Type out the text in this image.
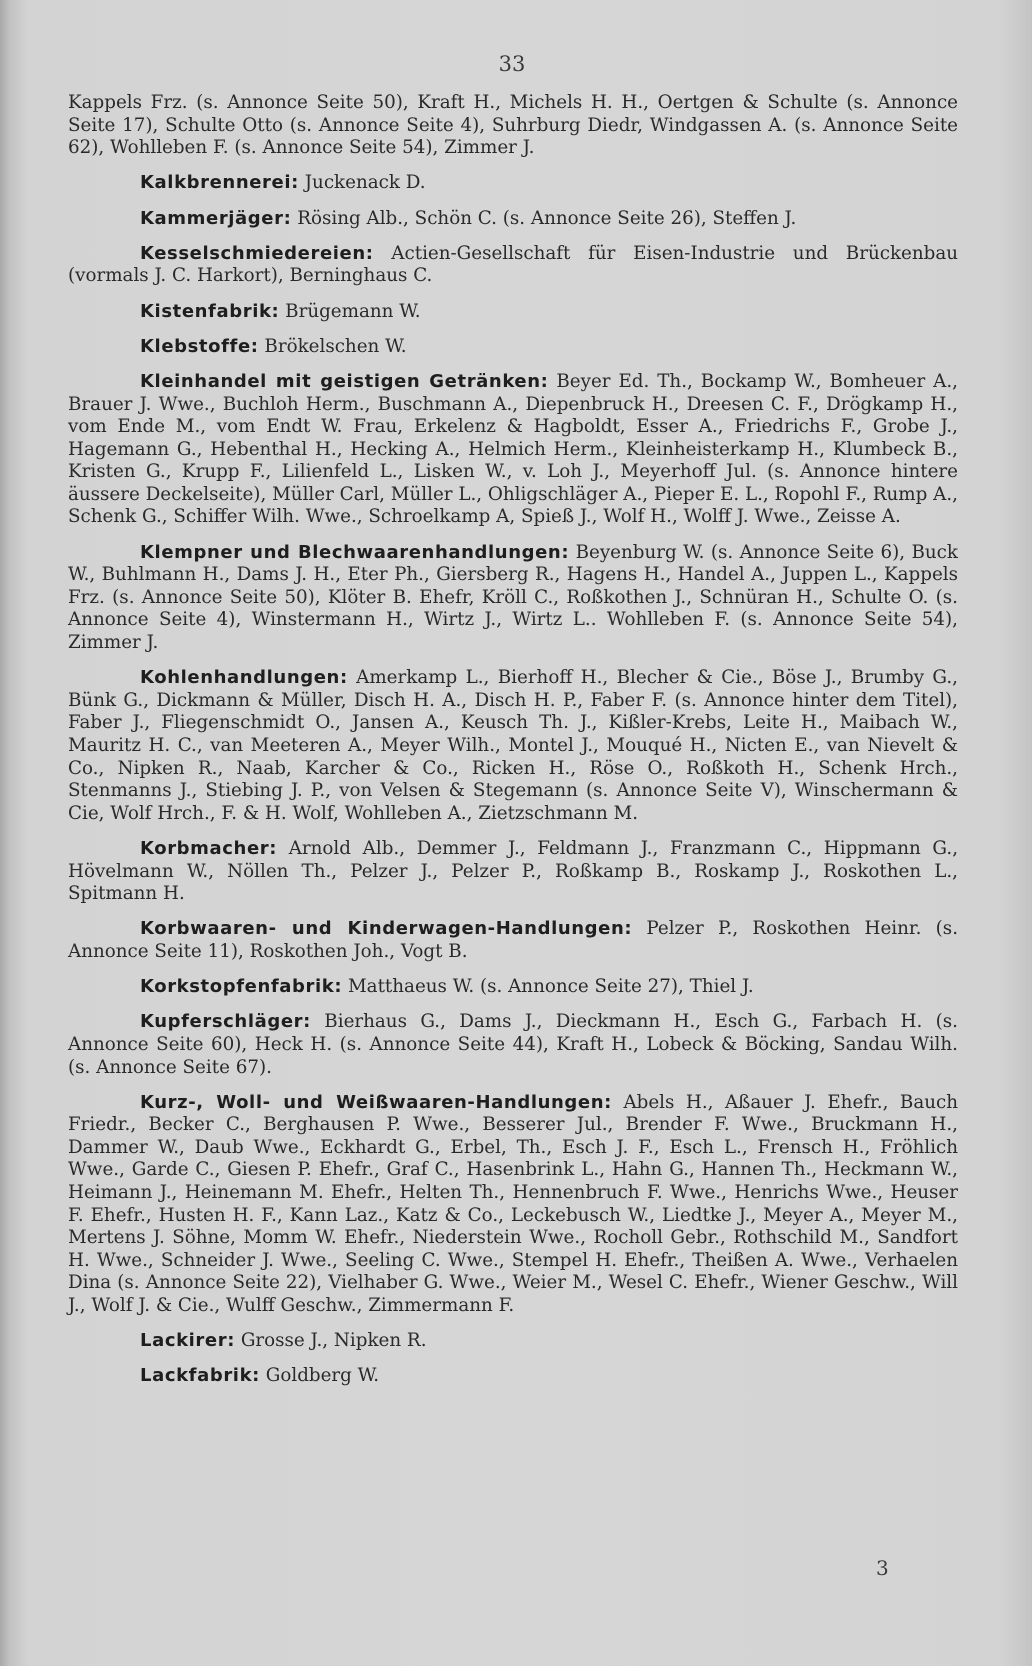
33

Kappels Frz. (s. Annonce Seite 50), Kraft H., Michels H. H., Oertgen & Schulte (s. Annonce Seite 17), Schulte Otto (s. Annonce Seite 4), Suhrburg Diedr, Windgassen A. (s. Annonce Seite 62), Wohlleben F. (s. Annonce Seite 54), Zimmer J.

Kalkbrennerei: Juckenack D.

Kammerjäger: Rösing Alb., Schön C. (s. Annonce Seite 26), Steffen J.

Kesselschmiedereien: Actien-Gesellschaft für Eisen-Industrie und Brückenbau (vormals J. C. Harkort), Berninghaus C.

Kistenfabrik: Brügemann W.

Klebstoffe: Brökelschen W.

Kleinhandel mit geistigen Getränken: Beyer Ed. Th., Bockamp W., Bomheuer A., Brauer J. Wwe., Buchloh Herm., Buschmann A., Diepenbruck H., Dreesen C. F., Drögkamp H., vom Ende M., vom Endt W. Frau, Erkelenz & Hagboldt, Esser A., Friedrichs F., Grobe J., Hagemann G., Hebenthal H., Hecking A., Helmich Herm., Kleinheisterkamp H., Klumbeck B., Kristen G., Krupp F., Lilienfeld L., Lisken W., v. Loh J., Meyerhoff Jul. (s. Annonce hintere äussere Deckelseite), Müller Carl, Müller L., Ohligschläger A., Pieper E. L., Ropohl F., Rump A., Schenk G., Schiffer Wilh. Wwe., Schroelkamp A, Spieß J., Wolf H., Wolff J. Wwe., Zeisse A.

Klempner und Blechwaarenhandlungen: Beyenburg W. (s. Annonce Seite 6), Buck W., Buhlmann H., Dams J. H., Eter Ph., Giersberg R., Hagens H., Handel A., Juppen L., Kappels Frz. (s. Annonce Seite 50), Klöter B. Ehefr, Kröll C., Roßkothen J., Schnüran H., Schulte O. (s. Annonce Seite 4), Winstermann H., Wirtz J., Wirtz L.. Wohlleben F. (s. Annonce Seite 54), Zimmer J.

Kohlenhandlungen: Amerkamp L., Bierhoff H., Blecher & Cie., Böse J., Brumby G., Bünk G., Dickmann & Müller, Disch H. A., Disch H. P., Faber F. (s. Annonce hinter dem Titel), Faber J., Fliegenschmidt O., Jansen A., Keusch Th. J., Kißler-Krebs, Leite H., Maibach W., Mauritz H. C., van Meeteren A., Meyer Wilh., Montel J., Mouqué H., Nicten E., van Nievelt & Co., Nipken R., Naab, Karcher & Co., Ricken H., Röse O., Roßkoth H., Schenk Hrch., Stenmanns J., Stiebing J. P., von Velsen & Stegemann (s. Annonce Seite V), Winschermann & Cie, Wolf Hrch., F. & H. Wolf, Wohlleben A., Zietzschmann M.

Korbmacher: Arnold Alb., Demmer J., Feldmann J., Franzmann C., Hippmann G., Hövelmann W., Nöllen Th., Pelzer J., Pelzer P., Roßkamp B., Roskamp J., Roskothen L., Spitmann H.

Korbwaaren- und Kinderwagen-Handlungen: Pelzer P., Roskothen Heinr. (s. Annonce Seite 11), Roskothen Joh., Vogt B.

Korkstopfenfabrik: Matthaeus W. (s. Annonce Seite 27), Thiel J.

Kupferschläger: Bierhaus G., Dams J., Dieckmann H., Esch G., Farbach H. (s. Annonce Seite 60), Heck H. (s. Annonce Seite 44), Kraft H., Lobeck & Böcking, Sandau Wilh. (s. Annonce Seite 67).

Kurz-, Woll- und Weißwaaren-Handlungen: Abels H., Aßauer J. Ehefr., Bauch Friedr., Becker C., Berghausen P. Wwe., Besserer Jul., Brender F. Wwe., Bruckmann H., Dammer W., Daub Wwe., Eckhardt G., Erbel, Th., Esch J. F., Esch L., Frensch H., Fröhlich Wwe., Garde C., Giesen P. Ehefr., Graf C., Hasenbrink L., Hahn G., Hannen Th., Heckmann W., Heimann J., Heinemann M. Ehefr., Helten Th., Hennenbruch F. Wwe., Henrichs Wwe., Heuser F. Ehefr., Husten H. F., Kann Laz., Katz & Co., Leckebusch W., Liedtke J., Meyer A., Meyer M., Mertens J. Söhne, Momm W. Ehefr., Niederstein Wwe., Rocholl Gebr., Rothschild M., Sandfort H. Wwe., Schneider J. Wwe., Seeling C. Wwe., Stempel H. Ehefr., Theißen A. Wwe., Verhaelen Dina (s. Annonce Seite 22), Vielhaber G. Wwe., Weier M., Wesel C. Ehefr., Wiener Geschw., Will J., Wolf J. & Cie., Wulff Geschw., Zimmermann F.

Lackirer: Grosse J., Nipken R.

Lackfabrik: Goldberg W.

3
